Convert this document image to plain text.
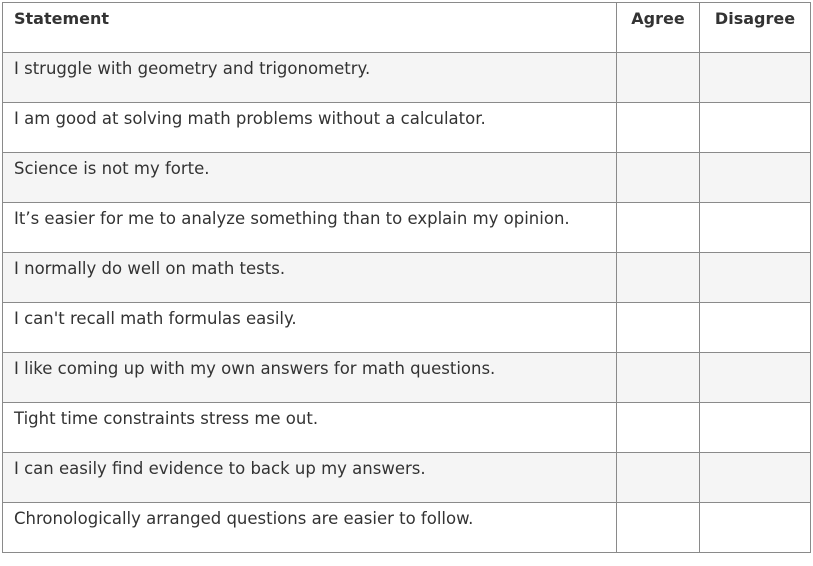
Statement	Agree	Disagree
I struggle with geometry and trigonometry.		
I am good at solving math problems without a calculator.		
Science is not my forte.		
It’s easier for me to analyze something than to explain my opinion.		
I normally do well on math tests.		
I can't recall math formulas easily.		
I like coming up with my own answers for math questions.		
Tight time constraints stress me out.		
I can easily find evidence to back up my answers.		
Chronologically arranged questions are easier to follow.		
